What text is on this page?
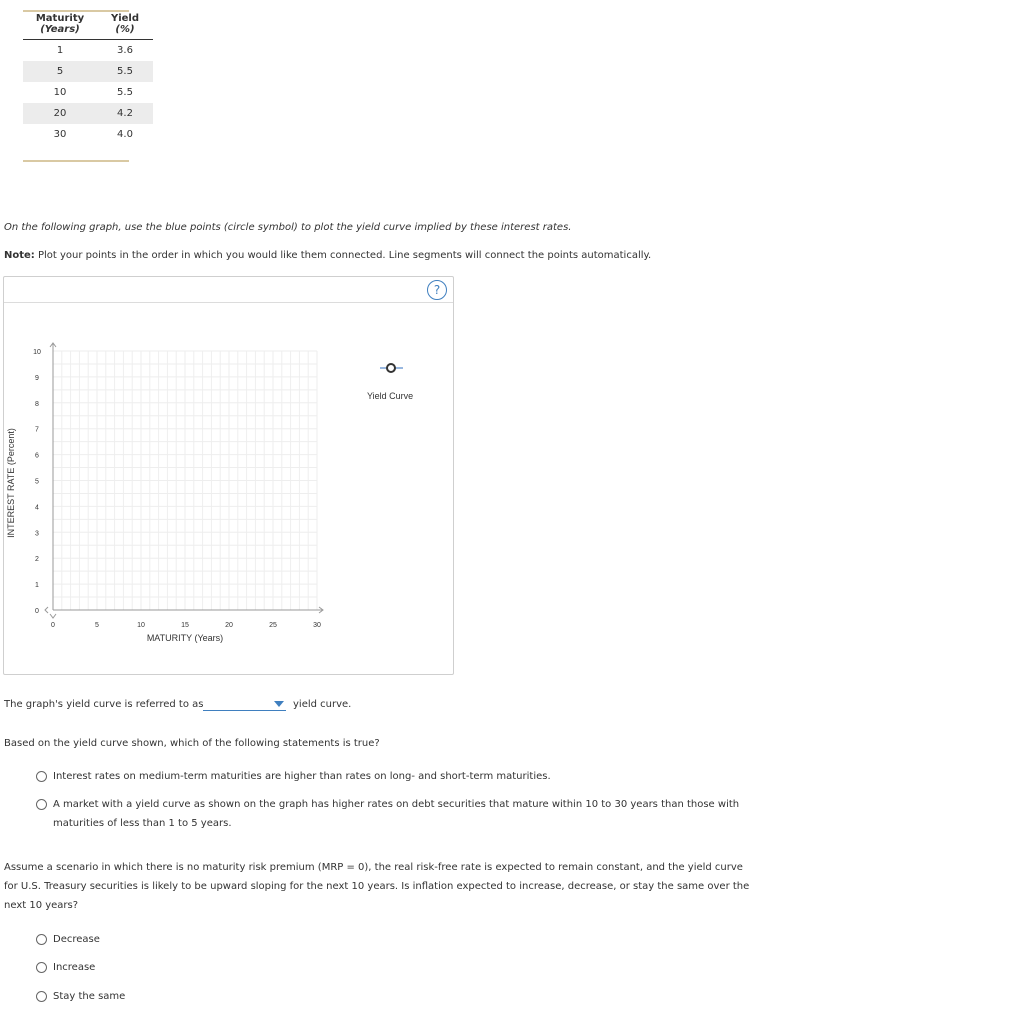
Maturity	Yield
(Years)	(%)
1	3.6
5	5.5
10	5.5
20	4.2
30	4.0
On the following graph, use the blue points (circle symbol) to plot the yield curve implied by these interest rates.
Note: Plot your points in the order in which you would like them connected. Line segments will connect the points automatically.
?
INTEREST RATE (Percent)
0	5	10	15	20	25	30
0
1
2
3
4
5
6
7
8
9
10
MATURITY (Years)
Yield Curve
The graph's yield curve is referred to as	yield curve.
Based on the yield curve shown, which of the following statements is true?
Interest rates on medium-term maturities are higher than rates on long- and short-term maturities.
A market with a yield curve as shown on the graph has higher rates on debt securities that mature within 10 to 30 years than those with maturities of less than 1 to 5 years.
Assume a scenario in which there is no maturity risk premium (MRP = 0), the real risk-free rate is expected to remain constant, and the yield curve for U.S. Treasury securities is likely to be upward sloping for the next 10 years. Is inflation expected to increase, decrease, or stay the same over the next 10 years?
Decrease
Increase
Stay the same
